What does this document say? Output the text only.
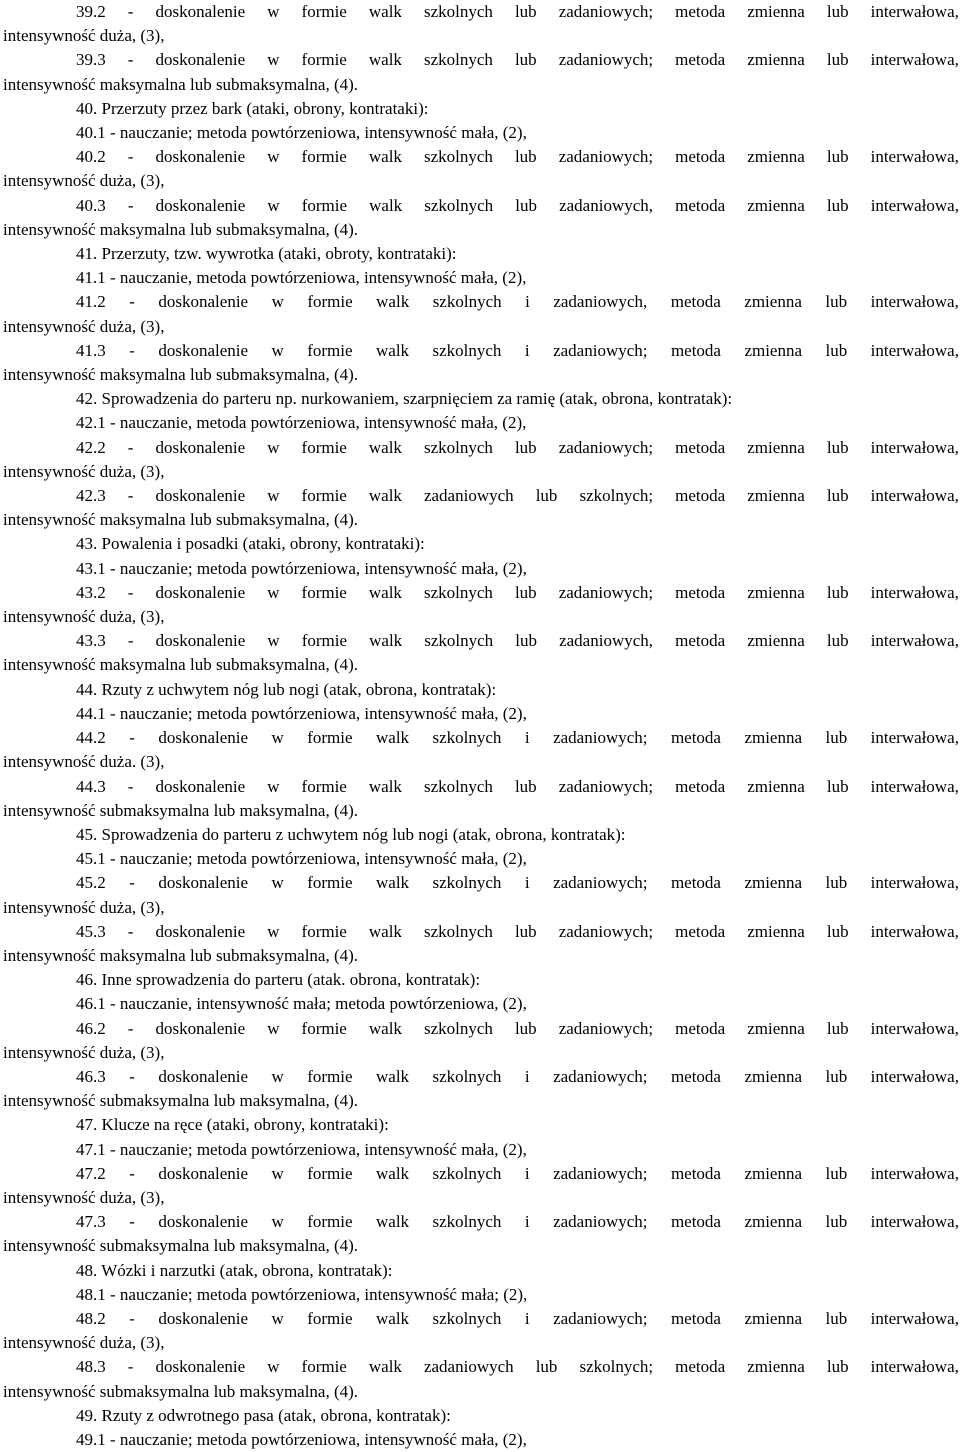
39.2 - doskonalenie w formie walk szkolnych lub zadaniowych; metoda zmienna lub interwałowa,
intensywność duża, (3),
39.3 - doskonalenie w formie walk szkolnych lub zadaniowych; metoda zmienna lub interwałowa,
intensywność maksymalna lub submaksymalna, (4).
40. Przerzuty przez bark (ataki, obrony, kontrataki):
40.1 - nauczanie; metoda powtórzeniowa, intensywność mała, (2),
40.2 - doskonalenie w formie walk szkolnych lub zadaniowych; metoda zmienna lub interwałowa,
intensywność duża, (3),
40.3 - doskonalenie w formie walk szkolnych lub zadaniowych, metoda zmienna lub interwałowa,
intensywność maksymalna lub submaksymalna, (4).
41. Przerzuty, tzw. wywrotka (ataki, obroty, kontrataki):
41.1 - nauczanie, metoda powtórzeniowa, intensywność mała, (2),
41.2 - doskonalenie w formie walk szkolnych i zadaniowych, metoda zmienna lub interwałowa,
intensywność duża, (3),
41.3 - doskonalenie w formie walk szkolnych i zadaniowych; metoda zmienna lub interwałowa,
intensywność maksymalna lub submaksymalna, (4).
42. Sprowadzenia do parteru np. nurkowaniem, szarpnięciem za ramię (atak, obrona, kontratak):
42.1 - nauczanie, metoda powtórzeniowa, intensywność mała, (2),
42.2 - doskonalenie w formie walk szkolnych lub zadaniowych; metoda zmienna lub interwałowa,
intensywność duża, (3),
42.3 - doskonalenie w formie walk zadaniowych lub szkolnych; metoda zmienna lub interwałowa,
intensywność maksymalna lub submaksymalna, (4).
43. Powalenia i posadki (ataki, obrony, kontrataki):
43.1 - nauczanie; metoda powtórzeniowa, intensywność mała, (2),
43.2 - doskonalenie w formie walk szkolnych lub zadaniowych; metoda zmienna lub interwałowa,
intensywność duża, (3),
43.3 - doskonalenie w formie walk szkolnych lub zadaniowych, metoda zmienna lub interwałowa,
intensywność maksymalna lub submaksymalna, (4).
44. Rzuty z uchwytem nóg lub nogi (atak, obrona, kontratak):
44.1 - nauczanie; metoda powtórzeniowa, intensywność mała, (2),
44.2 - doskonalenie w formie walk szkolnych i zadaniowych; metoda zmienna lub interwałowa,
intensywność duża. (3),
44.3 - doskonalenie w formie walk szkolnych lub zadaniowych; metoda zmienna lub interwałowa,
intensywność submaksymalna lub maksymalna, (4).
45. Sprowadzenia do parteru z uchwytem nóg lub nogi (atak, obrona, kontratak):
45.1 - nauczanie; metoda powtórzeniowa, intensywność mała, (2),
45.2 - doskonalenie w formie walk szkolnych i zadaniowych; metoda zmienna lub interwałowa,
intensywność duża, (3),
45.3 - doskonalenie w formie walk szkolnych lub zadaniowych; metoda zmienna lub interwałowa,
intensywność maksymalna lub submaksymalna, (4).
46. Inne sprowadzenia do parteru (atak. obrona, kontratak):
46.1 - nauczanie, intensywność mała; metoda powtórzeniowa, (2),
46.2 - doskonalenie w formie walk szkolnych lub zadaniowych; metoda zmienna lub interwałowa,
intensywność duża, (3),
46.3 - doskonalenie w formie walk szkolnych i zadaniowych; metoda zmienna lub interwałowa,
intensywność submaksymalna lub maksymalna, (4).
47. Klucze na ręce (ataki, obrony, kontrataki):
47.1 - nauczanie; metoda powtórzeniowa, intensywność mała, (2),
47.2 - doskonalenie w formie walk szkolnych i zadaniowych; metoda zmienna lub interwałowa,
intensywność duża, (3),
47.3 - doskonalenie w formie walk szkolnych i zadaniowych; metoda zmienna lub interwałowa,
intensywność submaksymalna lub maksymalna, (4).
48. Wózki i narzutki (atak, obrona, kontratak):
48.1 - nauczanie; metoda powtórzeniowa, intensywność mała; (2),
48.2 - doskonalenie w formie walk szkolnych i zadaniowych; metoda zmienna lub interwałowa,
intensywność duża, (3),
48.3 - doskonalenie w formie walk zadaniowych lub szkolnych; metoda zmienna lub interwałowa,
intensywność submaksymalna lub maksymalna, (4).
49. Rzuty z odwrotnego pasa (atak, obrona, kontratak):
49.1 - nauczanie; metoda powtórzeniowa, intensywność mała, (2),
